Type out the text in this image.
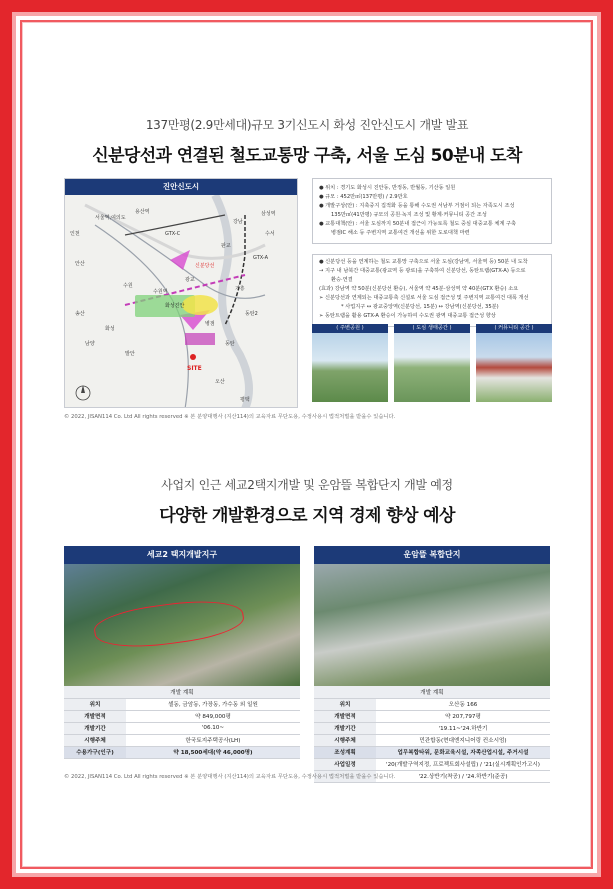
137만평(2.9만세대)규모 3기신도시 화성 진안신도시 개발 발표
신분당선과 연결된 철도교통망 구축, 서울 도심 50분내 도착
진안신도시
서울역,여의도
용산역
동탄
강남
GTX-A
삼성역
수서
판교
광교
수원
신분당선
화성진안
SITE
오산
평택
발안
송산
남양
병점
동탄2
수원역	기흥
GTX-C
안산
인천
화성

● 위치 : 경기도 화성시 진안동, 반정동, 반월동, 기산동 일원

● 규모 : 452만㎡(137만평) / 2.9만호

● 개발구상(안) : 지축중지 집적화 등을 통해 수도권 서남부 거점이 되는 자족도시 조성

135만㎡(41만평) 규모의 공원·녹지 조성 및 황계·커뮤니티 공간 조성

● 교통대책(안) : 서울 도심까지 50분내 접근이 가능토록 철도 중심 대중교통 체계 구축

병점IC 해소 등 주변지역 교통여건 개선을 위한 도로대책 마련

● 신분당선 등을 연계하는 철도 교통망 구축으로 서울 도심(강남역, 서울역 등) 50분 내 도착

→ 지구 내 남북간 대중교통(광교역 등 광로)을 구축하여 신분당선, 동탄트램(GTX-A) 등으로

환승·연결

(효과) 강남역 약 50분(신분당선 환승), 서울역 약 45분·삼성역 약 40분(GTX 환승) 소요

➢ 신분당선과 연계되는 대중교통축 신설로 서울 도심 접근성 및 주변지역 교통여건 대폭 개선

* 사업지구 ↔ 광교중앙역(신분당선, 15분) ↔ 강남역(신분당선, 35분)

➢ 동탄트램을 활용 GTX-A 환승이 가능하여 수도권 광역 대중교통 접근성 향상

( 주변공원 )	( 도심 생태공간 )	( 커뮤니티 공간 )
© 2022, JISAN114 Co. Ltd All rights reserved ※ 본 분양대행사 (지산114)의 교육자료 무단도용, 수정사용시 법적처벌을 받을수 있습니다.
사업지 인근 세교2택지개발 및 운암뜰 복합단지 개발 예정
다양한 개발환경으로 지역 경제 향상 예상
세교2 택지개발지구
개발 계획	
위치	셀동, 금암동, 가장동, 가수동 외 일원
개발면적	약 849,000평
개발기간	'06.10~
시행주체	한국토지주택공사(LH)
수용가구(인구)	약 18,500세대(약 46,000명)
운암뜰 복합단지
개발 계획	
위치	오산동 166
개발면적	약 207,797평
개발기간	'19.11~'24.하반기
시행주체	민관합동(현대엔지니어링 컨소시엄)
조성계획	업무복합타워, 문화교육시설, 자족산업시설, 주거시설
사업일정	'20(개발구역지정, 프로젝트회사설립) / '21(실시계획인가고시)
	'22.상반기(착공) / '24.하반기(준공)
© 2022, JISAN114 Co. Ltd All rights reserved ※ 본 분양대행사 (지산114)의 교육자료 무단도용, 수정사용시 법적처벌을 받을수 있습니다.
